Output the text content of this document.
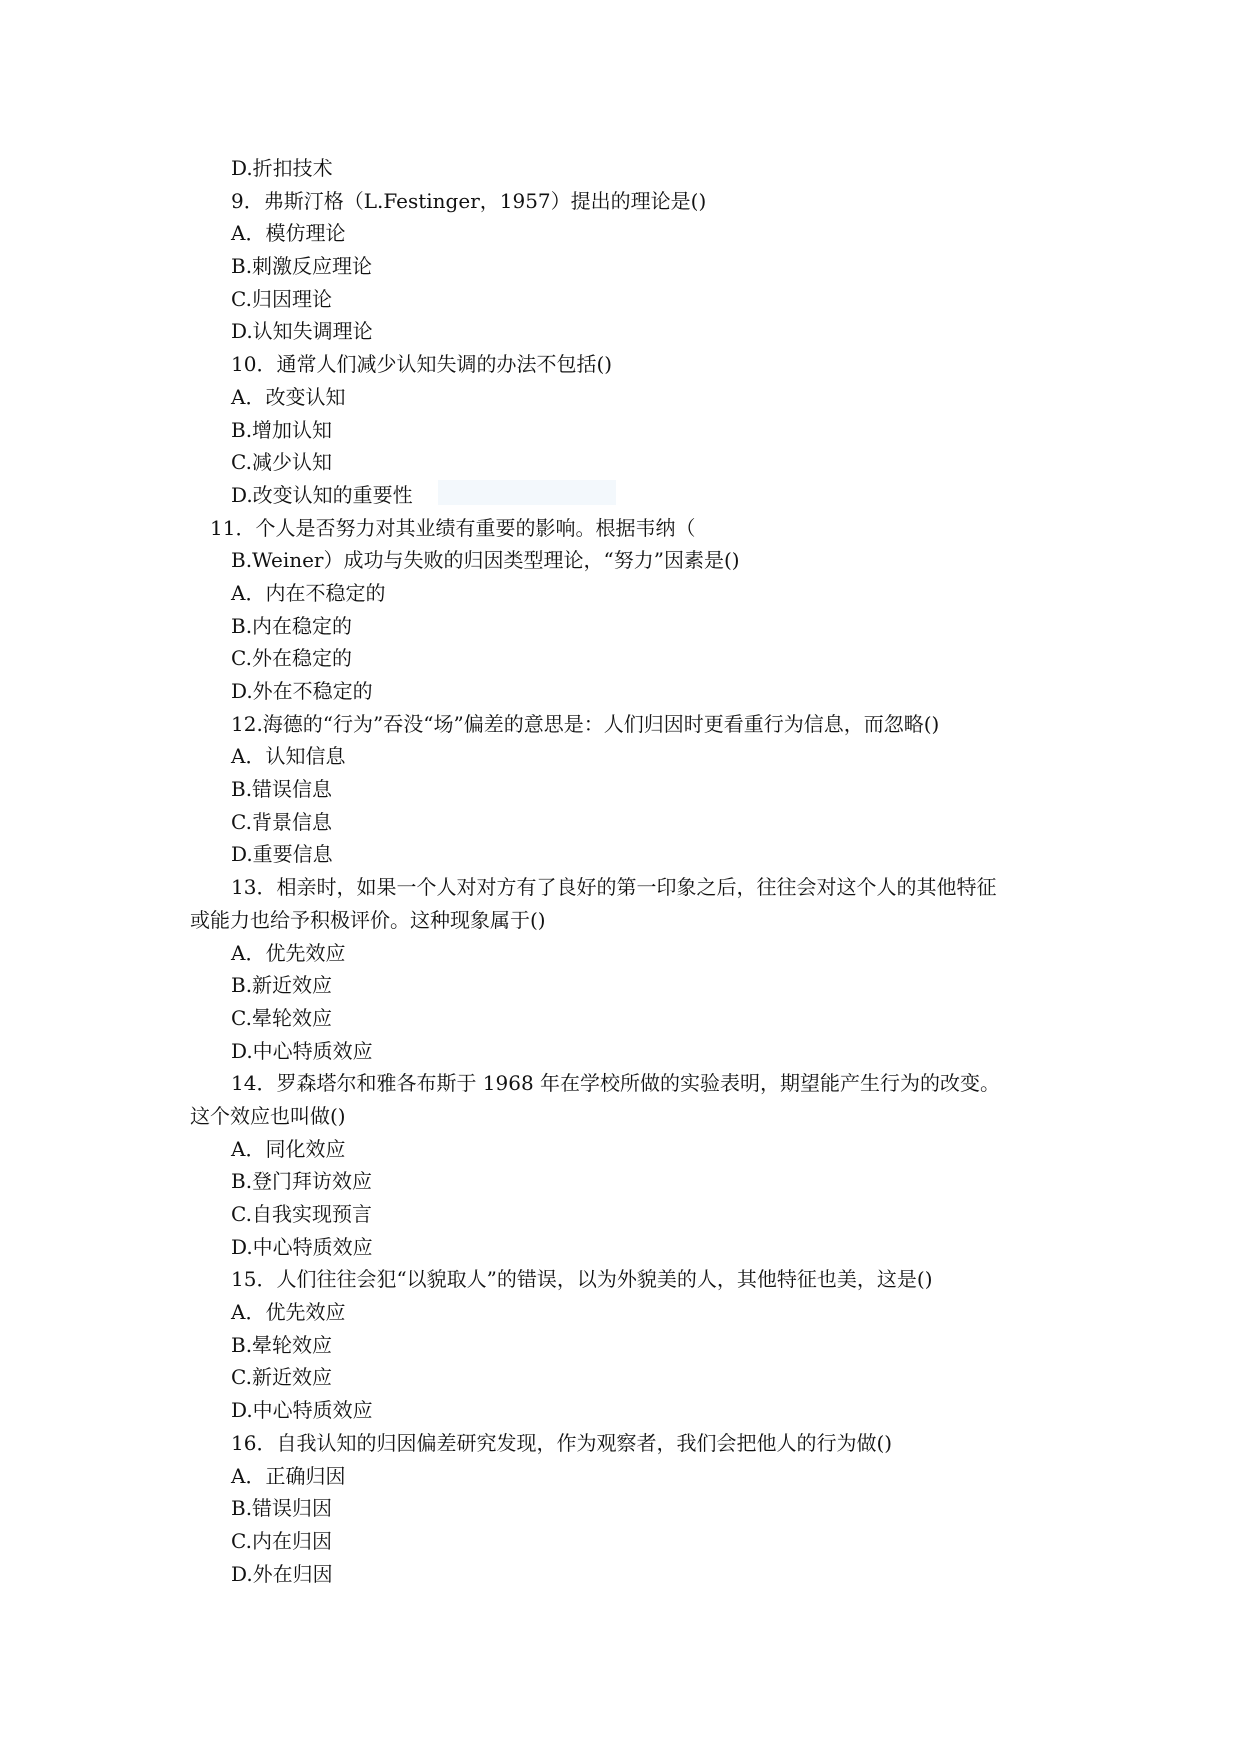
D.折扣技术
9．弗斯汀格（L.Festinger，1957）提出的理论是()
A．模仿理论
B.刺激反应理论
C.归因理论
D.认知失调理论
10．通常人们减少认知失调的办法不包括()
A．改变认知
B.增加认知
C.减少认知
D.改变认知的重要性
11．个人是否努力对其业绩有重要的影响。根据韦纳（
B.Weiner）成功与失败的归因类型理论，“努力”因素是()
A．内在不稳定的
B.内在稳定的
C.外在稳定的
D.外在不稳定的
12.海德的“行为”吞没“场”偏差的意思是：人们归因时更看重行为信息，而忽略()
A．认知信息
B.错误信息
C.背景信息
D.重要信息
13．相亲时，如果一个人对对方有了良好的第一印象之后，往往会对这个人的其他特征
或能力也给予积极评价。这种现象属于()
A．优先效应
B.新近效应
C.晕轮效应
D.中心特质效应
14．罗森塔尔和雅各布斯于 1968 年在学校所做的实验表明，期望能产生行为的改变。
这个效应也叫做()
A．同化效应
B.登门拜访效应
C.自我实现预言
D.中心特质效应
15．人们往往会犯“以貌取人”的错误，以为外貌美的人，其他特征也美，这是()
A．优先效应
B.晕轮效应
C.新近效应
D.中心特质效应
16．自我认知的归因偏差研究发现，作为观察者，我们会把他人的行为做()
A．正确归因
B.错误归因
C.内在归因
D.外在归因
